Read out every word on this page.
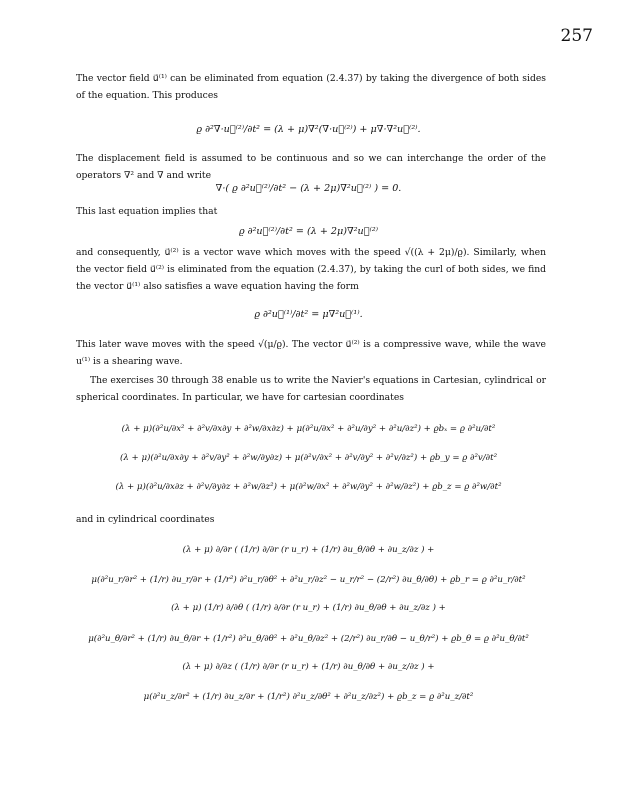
257

The vector field u⃗⁽¹⁾ can be eliminated from equation (2.4.37) by taking the divergence of both sides of the equation. This produces

ϱ ∂²∇·u⃗⁽²⁾/∂t² = (λ + μ)∇²(∇·u⃗⁽²⁾) + μ∇·∇²u⃗⁽²⁾.

The displacement field is assumed to be continuous and so we can interchange the order of the operators ∇² and ∇ and write

∇·( ϱ ∂²u⃗⁽²⁾/∂t² − (λ + 2μ)∇²u⃗⁽²⁾ ) = 0.

This last equation implies that

ϱ ∂²u⃗⁽²⁾/∂t² = (λ + 2μ)∇²u⃗⁽²⁾

and consequently, u⃗⁽²⁾ is a vector wave which moves with the speed √((λ + 2μ)/ϱ). Similarly, when the vector field u⃗⁽²⁾ is eliminated from the equation (2.4.37), by taking the curl of both sides, we find the vector u⃗⁽¹⁾ also satisfies a wave equation having the form

ϱ ∂²u⃗⁽¹⁾/∂t² = μ∇²u⃗⁽¹⁾.

This later wave moves with the speed √(μ/ϱ). The vector u⃗⁽²⁾ is a compressive wave, while the wave u⁽¹⁾ is a shearing wave.

The exercises 30 through 38 enable us to write the Navier's equations in Cartesian, cylindrical or spherical coordinates. In particular, we have for cartesian coordinates

(λ + μ)(∂²u/∂x² + ∂²v/∂x∂y + ∂²w/∂x∂z) + μ(∂²u/∂x² + ∂²u/∂y² + ∂²u/∂z²) + ϱbₓ = ϱ ∂²u/∂t²
(λ + μ)(∂²u/∂x∂y + ∂²v/∂y² + ∂²w/∂y∂z) + μ(∂²v/∂x² + ∂²v/∂y² + ∂²v/∂z²) + ϱb_y = ϱ ∂²v/∂t²
(λ + μ)(∂²u/∂x∂z + ∂²v/∂y∂z + ∂²w/∂z²) + μ(∂²w/∂x² + ∂²w/∂y² + ∂²w/∂z²) + ϱb_z = ϱ ∂²w/∂t²

and in cylindrical coordinates

(λ + μ) ∂/∂r ( (1/r) ∂/∂r (r u_r) + (1/r) ∂u_θ/∂θ + ∂u_z/∂z ) +
μ(∂²u_r/∂r² + (1/r) ∂u_r/∂r + (1/r²) ∂²u_r/∂θ² + ∂²u_r/∂z² − u_r/r² − (2/r²) ∂u_θ/∂θ) + ϱb_r = ϱ ∂²u_r/∂t²
(λ + μ) (1/r) ∂/∂θ ( (1/r) ∂/∂r (r u_r) + (1/r) ∂u_θ/∂θ + ∂u_z/∂z ) +
μ(∂²u_θ/∂r² + (1/r) ∂u_θ/∂r + (1/r²) ∂²u_θ/∂θ² + ∂²u_θ/∂z² + (2/r²) ∂u_r/∂θ − u_θ/r²) + ϱb_θ = ϱ ∂²u_θ/∂t²
(λ + μ) ∂/∂z ( (1/r) ∂/∂r (r u_r) + (1/r) ∂u_θ/∂θ + ∂u_z/∂z ) +
μ(∂²u_z/∂r² + (1/r) ∂u_z/∂r + (1/r²) ∂²u_z/∂θ² + ∂²u_z/∂z²) + ϱb_z = ϱ ∂²u_z/∂t²
